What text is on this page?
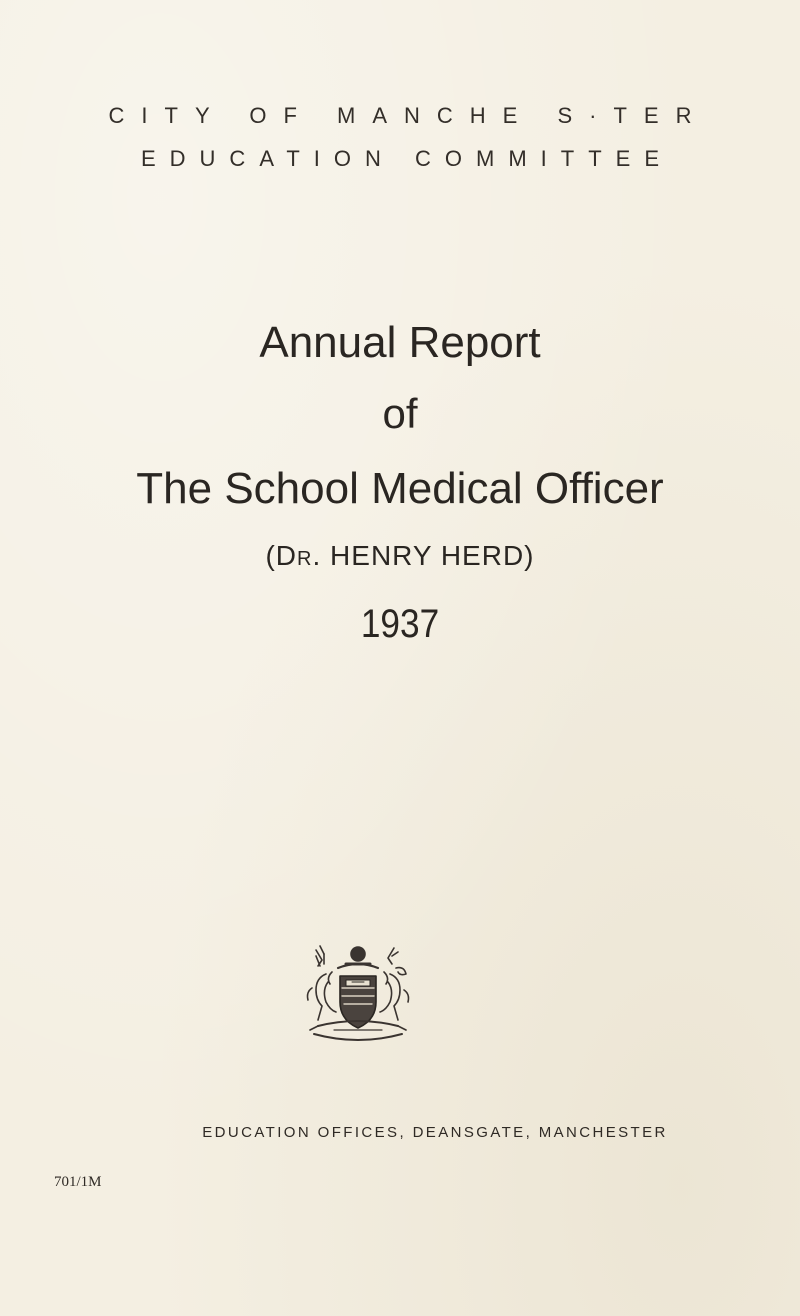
CITY OF MANCHE S·TER
EDUCATION COMMITTEE
Annual Report
of
The School Medical Officer
(Dr. HENRY HERD)
1937
EDUCATION OFFICES, DEANSGATE, MANCHESTER
701/1M
